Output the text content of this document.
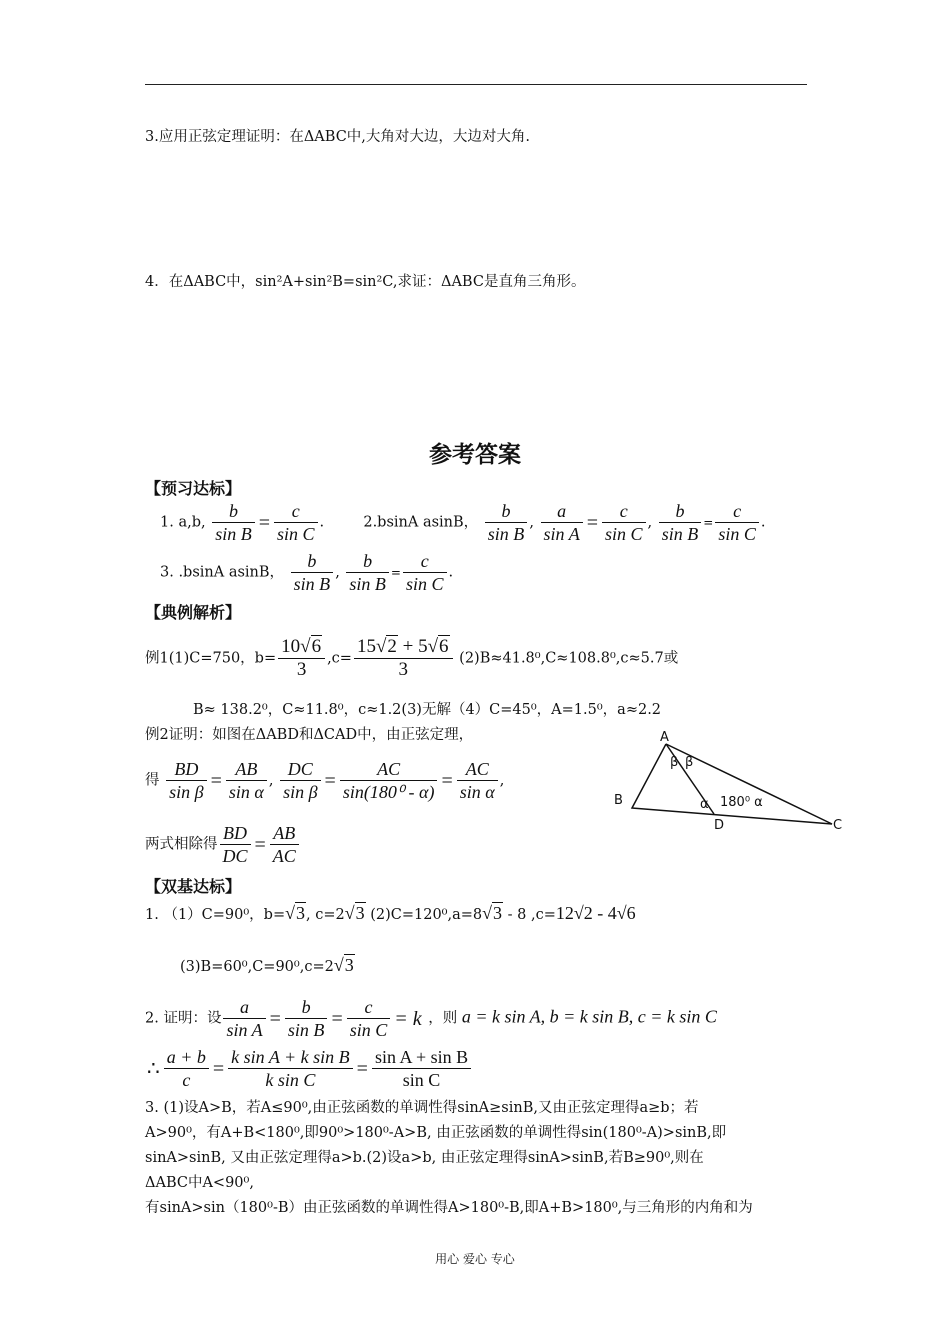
3.应用正弦定理证明：在ΔABC中,大角对大边，大边对大角.
4．在ΔABC中，sin²A+sin²B=sin²C,求证：ΔABC是直角三角形。
参考答案
【预习达标】
1. a,b, $\frac{b}{\text{sin B}} = \frac{c}{\text{sin C}}$ .  2.bsinA asinB， $\frac{b}{\text{sin B}}$ , $\frac{a}{\text{sin A}} = \frac{c}{\text{sin C}}$ , $\frac{b}{\text{sin B}} = \frac{c}{\text{sin C}}$ .
3. .bsinA asinB， $\frac{b}{\text{sin B}}$ , $\frac{b}{\text{sin B}} = \frac{c}{\text{sin C}}$ .
【典例解析】
例1(1)C=750，$b= \frac{10√6}{3} ,c= \frac{15√2 + 5√6}{3} (2)B\approx 41.8^0,C\approx 108.8^0,c\approx 5.7$或
B≈ 138.2⁰，C≈11.8⁰，c≈1.2(3)无解（4）C=45⁰，A=1.5⁰，a≈2.2
例2证明：如图在ΔABD和ΔCAD中，由正弦定理，
得 $\frac{BD}{\text{sin β}} = \frac{AB}{\text{sin α}}$ , $\frac{DC}{\text{sin β}} = \frac{AC}{\text{sin(180⁰ - α)}} = \frac{AC}{\text{sin α}}$ ,
两式相除得 $\frac{BD}{DC} = \frac{AB}{AC}$
A
B
D	C
β β
α 180⁰ α
【双基达标】
1. （1）C=90⁰，b=√3, c=2√3 (2)C=120⁰,a=8√3 - 8 ,c=12√2 - 4√6
(3)B=60⁰,C=90⁰,c=2√3
2. 证明：设 $\frac{a}{\text{sin A}} = \frac{b}{\text{sin B}} = \frac{c}{\text{sin C}} = k$ ，则 a = k sin A, b = k sin B, c = k sin C
∴ $\frac{a + b}{c} = \frac{\text{k sin A + k sin B}}{\text{k sin C}} = \frac{\text{sin A + sin B}}{\text{sin C}}$
3. (1)设A>B，若A≤90⁰,由正弦函数的单调性得sinA≥sinB,又由正弦定理得a≥b；若
A>90⁰，有A+B<180⁰,即90⁰>180⁰-A>B, 由正弦函数的单调性得sin(180⁰-A)>sinB,即
sinA>sinB, 又由正弦定理得a>b.(2)设a>b, 由正弦定理得sinA>sinB,若B≥90⁰,则在
ΔABC中A<90⁰,
有sinA>sin（180⁰-B）由正弦函数的单调性得A>180⁰-B,即A+B>180⁰,与三角形的内角和为
用心 爱心 专心
